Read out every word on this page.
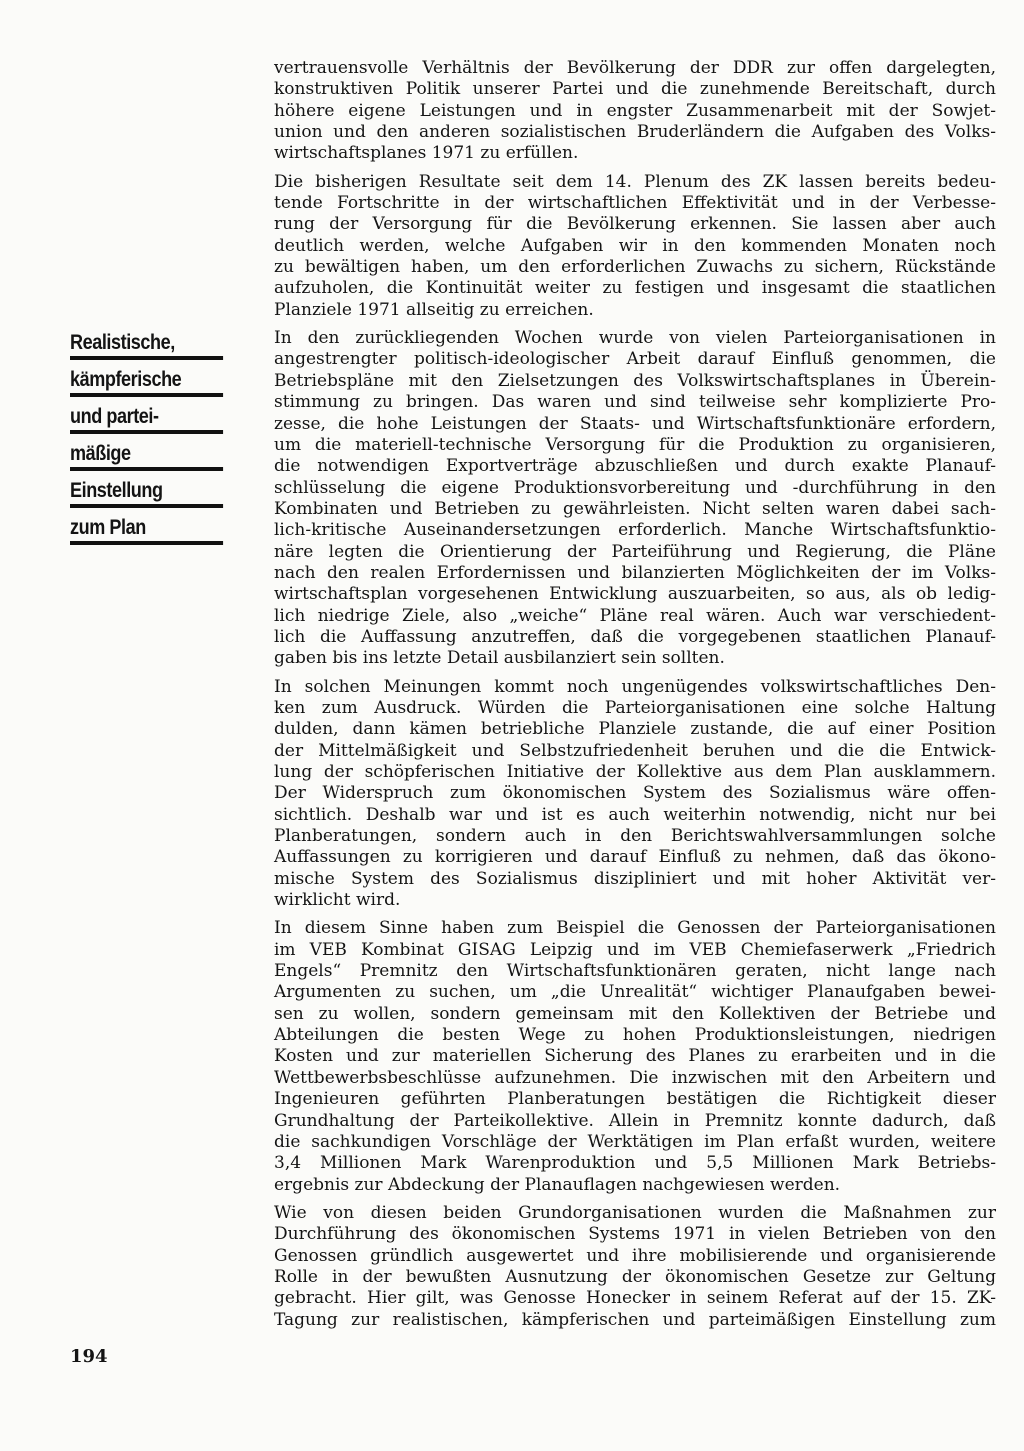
Realistische,
kämpferische
und partei-
mäßige
Einstellung
zum Plan
vertrauensvolle Verhältnis der Bevölkerung der DDR zur offen dargelegten,
konstruktiven Politik unserer Partei und die zunehmende Bereitschaft, durch
höhere eigene Leistungen und in engster Zusammenarbeit mit der Sowjet-
union und den anderen sozialistischen Bruderländern die Aufgaben des Volks-
wirtschaftsplanes 1971 zu erfüllen.
Die bisherigen Resultate seit dem 14. Plenum des ZK lassen bereits bedeu-
tende Fortschritte in der wirtschaftlichen Effektivität und in der Verbesse-
rung der Versorgung für die Bevölkerung erkennen. Sie lassen aber auch
deutlich werden, welche Aufgaben wir in den kommenden Monaten noch
zu bewältigen haben, um den erforderlichen Zuwachs zu sichern, Rückstände
aufzuholen, die Kontinuität weiter zu festigen und insgesamt die staatlichen
Planziele 1971 allseitig zu erreichen.
In den zurückliegenden Wochen wurde von vielen Parteiorganisationen in
angestrengter politisch-ideologischer Arbeit darauf Einfluß genommen, die
Betriebspläne mit den Zielsetzungen des Volkswirtschaftsplanes in Überein-
stimmung zu bringen. Das waren und sind teilweise sehr komplizierte Pro-
zesse, die hohe Leistungen der Staats- und Wirtschaftsfunktionäre erfordern,
um die materiell-technische Versorgung für die Produktion zu organisieren,
die notwendigen Exportverträge abzuschließen und durch exakte Planauf-
schlüsselung die eigene Produktionsvorbereitung und -durchführung in den
Kombinaten und Betrieben zu gewährleisten. Nicht selten waren dabei sach-
lich-kritische Auseinandersetzungen erforderlich. Manche Wirtschaftsfunktio-
näre legten die Orientierung der Parteiführung und Regierung, die Pläne
nach den realen Erfordernissen und bilanzierten Möglichkeiten der im Volks-
wirtschaftsplan vorgesehenen Entwicklung auszuarbeiten, so aus, als ob ledig-
lich niedrige Ziele, also „weiche“ Pläne real wären. Auch war verschiedent-
lich die Auffassung anzutreffen, daß die vorgegebenen staatlichen Planauf-
gaben bis ins letzte Detail ausbilanziert sein sollten.
In solchen Meinungen kommt noch ungenügendes volkswirtschaftliches Den-
ken zum Ausdruck. Würden die Parteiorganisationen eine solche Haltung
dulden, dann kämen betriebliche Planziele zustande, die auf einer Position
der Mittelmäßigkeit und Selbstzufriedenheit beruhen und die die Entwick-
lung der schöpferischen Initiative der Kollektive aus dem Plan ausklammern.
Der Widerspruch zum ökonomischen System des Sozialismus wäre offen-
sichtlich. Deshalb war und ist es auch weiterhin notwendig, nicht nur bei
Planberatungen, sondern auch in den Berichtswahlversammlungen solche
Auffassungen zu korrigieren und darauf Einfluß zu nehmen, daß das ökono-
mische System des Sozialismus diszipliniert und mit hoher Aktivität ver-
wirklicht wird.
In diesem Sinne haben zum Beispiel die Genossen der Parteiorganisationen
im VEB Kombinat GISAG Leipzig und im VEB Chemiefaserwerk „Friedrich
Engels“ Premnitz den Wirtschaftsfunktionären geraten, nicht lange nach
Argumenten zu suchen, um „die Unrealität“ wichtiger Planaufgaben bewei-
sen zu wollen, sondern gemeinsam mit den Kollektiven der Betriebe und
Abteilungen die besten Wege zu hohen Produktionsleistungen, niedrigen
Kosten und zur materiellen Sicherung des Planes zu erarbeiten und in die
Wettbewerbsbeschlüsse aufzunehmen. Die inzwischen mit den Arbeitern und
Ingenieuren geführten Planberatungen bestätigen die Richtigkeit dieser
Grundhaltung der Parteikollektive. Allein in Premnitz konnte dadurch, daß
die sachkundigen Vorschläge der Werktätigen im Plan erfaßt wurden, weitere
3,4 Millionen Mark Warenproduktion und 5,5 Millionen Mark Betriebs-
ergebnis zur Abdeckung der Planauflagen nachgewiesen werden.
Wie von diesen beiden Grundorganisationen wurden die Maßnahmen zur
Durchführung des ökonomischen Systems 1971 in vielen Betrieben von den
Genossen gründlich ausgewertet und ihre mobilisierende und organisierende
Rolle in der bewußten Ausnutzung der ökonomischen Gesetze zur Geltung
gebracht. Hier gilt, was Genosse Honecker in seinem Referat auf der 15. ZK-
Tagung zur realistischen, kämpferischen und parteimäßigen Einstellung zum
194
